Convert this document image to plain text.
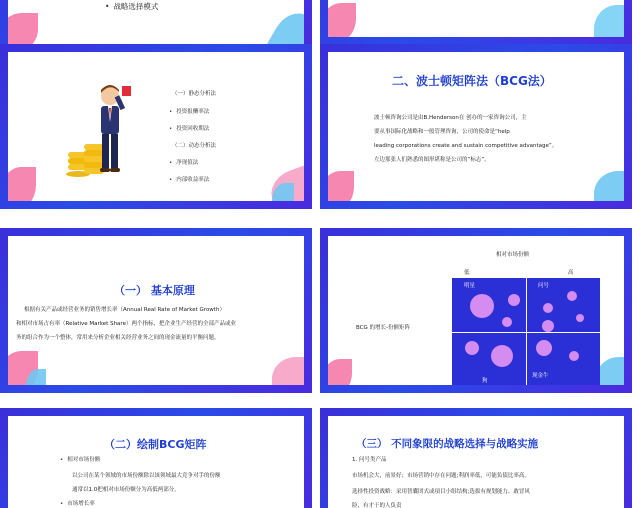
• 战略选择模式
（一）静态分析法
• 投资报酬率法
• 投资回收期法
（二）动态分析法
• 净现值法
• 内部收益率法
二、波士顿矩阵法（BCG法）
波士顿咨询公司是由B.Henderson在 创办的一家咨询公司，主
要从事国际化战略和一般管理咨询，公司的使命是“help
leading corporations create and sustain competitive advantage”。
左边那张人们熟悉的图形堪称是公司的“标志”。
（一） 基本原理
根据有关产品或经营业务的销售增长率（Annual Real Rate of Market Growth）
和相对市场占有率（Relative Market Share）两个指标，把企业生产经营的全部产品或业
务的组合作为一个整体，常用来分析企业相关经营业务之间的现金流量的平衡问题。
相对市场份额
低	高
BCG 的增长-份额矩阵
明星	问号
狗
现金牛
（二）绘制BCG矩阵
• 相对市场份额
以公司在某个领域的市场份额除以该领域最大竞争对手的份额
通常以1.0把相对市场份额分为高低两部分。
• 市场增长率
（三） 不同象限的战略选择与战略实施
1. 问号类产品
市场机会大，前景好；市场营销中存在问题;利润率低，可能负债比率高。
选择性投资战略：采用智囊团式或项目小组结构;选拔有规划能力、敢冒风
险、有才干的人负责
